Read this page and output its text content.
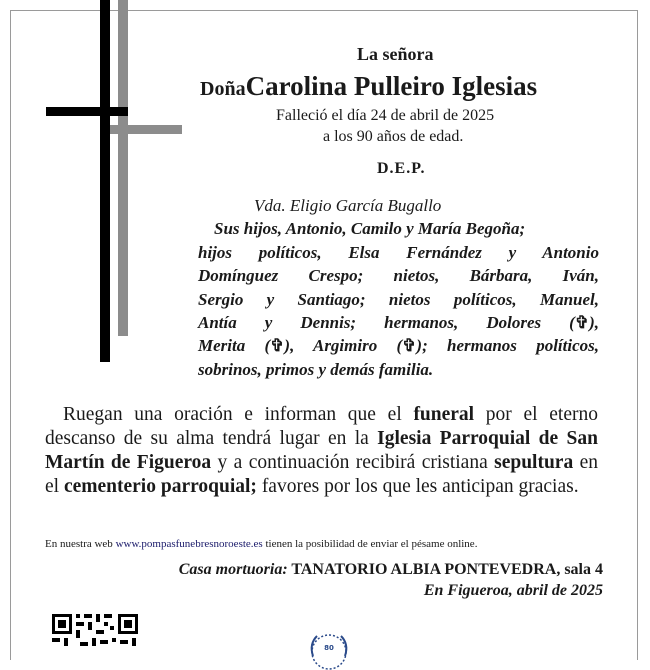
La señora
DoñaCarolina Pulleiro Iglesias
Falleció el día 24 de abril de 2025
a los 90 años de edad.
D.E.P.
Vda. Eligio García Bugallo
Sus hijos, Antonio, Camilo y María Begoña;
hijos políticos, Elsa Fernández y Antonio
Domínguez Crespo; nietos, Bárbara, Iván,
Sergio y Santiago; nietos políticos, Manuel,
Antía y Dennis; hermanos, Dolores (✞),
Merita (✞), Argimiro (✞); hermanos políticos,
sobrinos, primos y demás familia.
Ruegan una oración e informan que el funeral por el eterno descanso de su alma tendrá lugar en la Iglesia Parroquial de San Martín de Figueroa y a continuación recibirá cristiana sepultura en el cementerio parroquial; favores por los que les anticipan gracias.
En nuestra web www.pompasfunebresnoroeste.es tienen la posibilidad de enviar el pésame online.
Casa mortuoria: TANATORIO ALBIA PONTEVEDRA, sala 4
En Figueroa, abril de 2025
80
